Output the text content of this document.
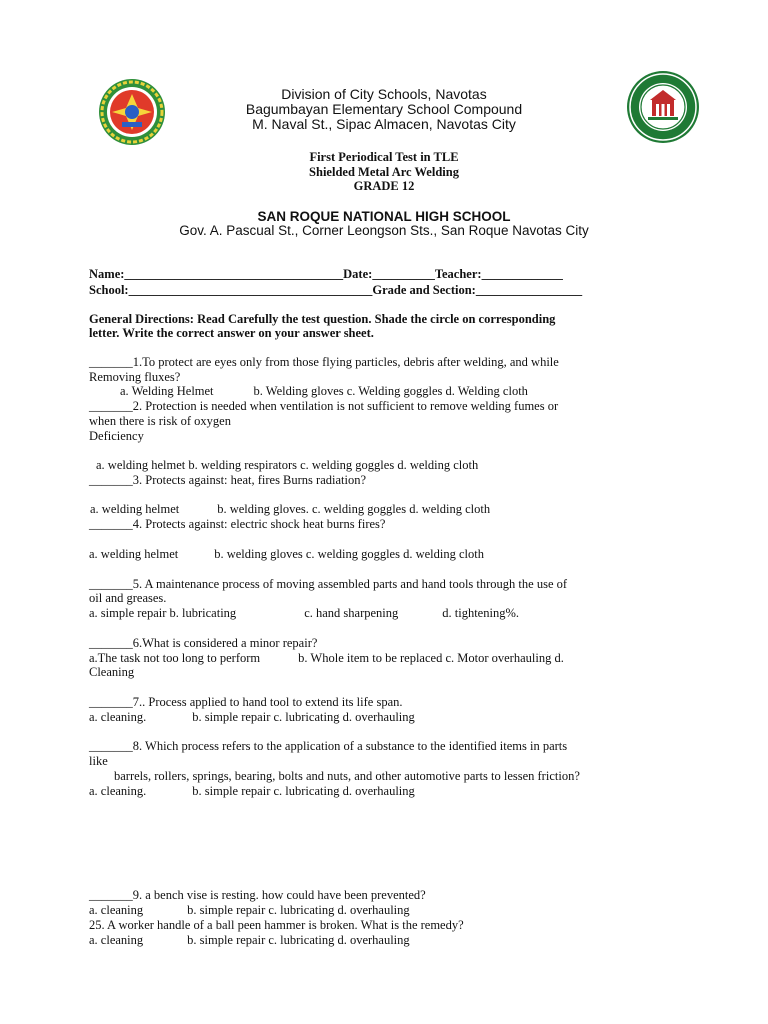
Division of City Schools, Navotas
Bagumbayan Elementary School Compound
M. Naval St., Sipac Almacen, Navotas City
First Periodical Test in TLE
Shielded Metal Arc Welding
GRADE 12
SAN ROQUE NATIONAL HIGH SCHOOL
Gov. A. Pascual St., Corner Leongson Sts., San Roque Navotas City
Name:___________________________________Date:__________Teacher:_____________
School:_______________________________________Grade and Section:_________________
General Directions: Read Carefully the test question. Shade the circle on corresponding
letter. Write the correct answer on your answer sheet.
_______1.To protect are eyes only from those flying particles, debris after welding, and while
Removing fluxes?
a. Welding Helmet	b. Welding gloves c. Welding goggles d. Welding cloth
_______2. Protection is needed when ventilation is not sufficient to remove welding fumes or
when there is risk of oxygen
Deficiency
a. welding helmet b. welding respirators c. welding goggles d. welding cloth
_______3. Protects against: heat, fires Burns radiation?
a. welding helmet	b. welding gloves. c. welding goggles d. welding cloth
_______4. Protects against: electric shock heat burns fires?
a. welding helmet	b. welding gloves c. welding goggles d. welding cloth
_______5. A maintenance process of moving assembled parts and hand tools through the use of
oil and greases.
a. simple repair b. lubricating	c. hand sharpening	d. tightening%.
_______6.What is considered a minor repair?
a.The task not too long to perform	b. Whole item to be replaced c. Motor overhauling d.
Cleaning
_______7.. Process applied to hand tool to extend its life span.
a. cleaning.	b. simple repair c. lubricating d. overhauling
_______8. Which process refers to the application of a substance to the identified items in parts
like
barrels, rollers, springs, bearing, bolts and nuts, and other automotive parts to lessen friction?
a. cleaning.	b. simple repair c. lubricating d. overhauling
_______9. a bench vise is resting. how could have been prevented?
a. cleaning	b. simple repair c. lubricating d. overhauling
25. A worker handle of a ball peen hammer is broken. What is the remedy?
a. cleaning	b. simple repair c. lubricating d. overhauling
